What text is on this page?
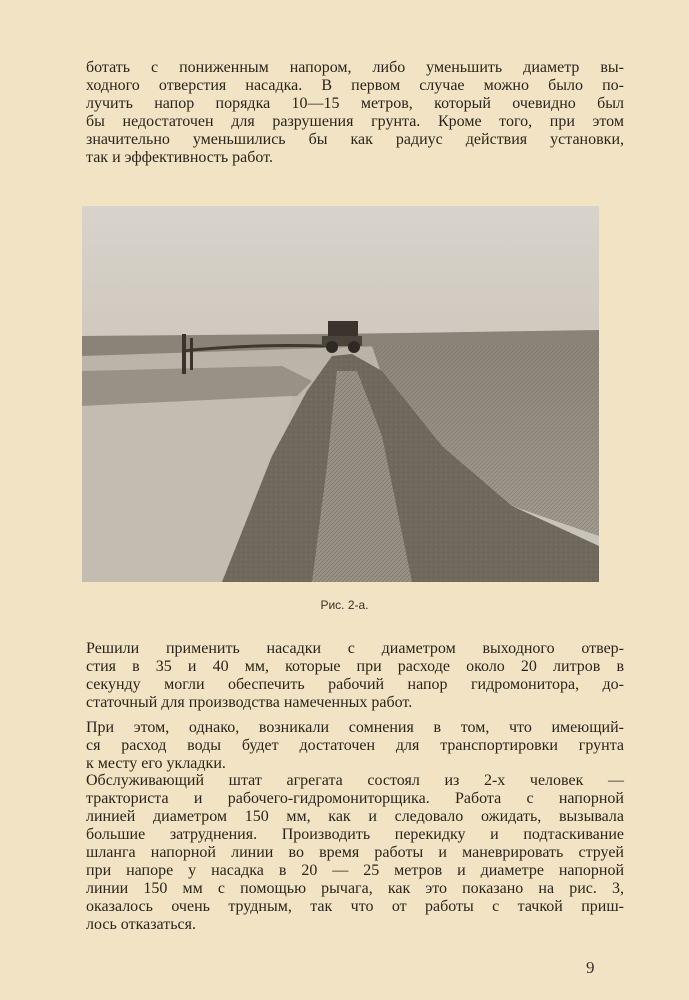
ботать с пониженным напором, либо уменьшить диаметр вы-
ходного отверстия насадка. В первом случае можно было по-
лучить напор порядка 10—15 метров, который очевидно был
бы недостаточен для разрушения грунта. Кроме того, при этом
значительно уменьшились бы как радиус действия установки,
так и эффективность работ.

Рис. 2-а.

Решили применить насадки с диаметром выходного отвер-
стия в 35 и 40 мм, которые при расходе около 20 литров в
секунду могли обеспечить рабочий напор гидромонитора, до-
статочный для производства намеченных работ.

При этом, однако, возникали сомнения в том, что имеющий-
ся расход воды будет достаточен для транспортировки грунта
к месту его укладки.

Обслуживающий штат агрегата состоял из 2-х человек —
тракториста и рабочего-гидромониторщика. Работа с напорной
линией диаметром 150 мм, как и следовало ожидать, вызывала
большие затруднения. Производить перекидку и подтаскивание
шланга напорной линии во время работы и маневрировать струей
при напоре у насадка в 20 — 25 метров и диаметре напорной
линии 150 мм с помощью рычага, как это показано на рис. 3,
оказалось очень трудным, так что от работы с тачкой приш-
лось отказаться.

9
